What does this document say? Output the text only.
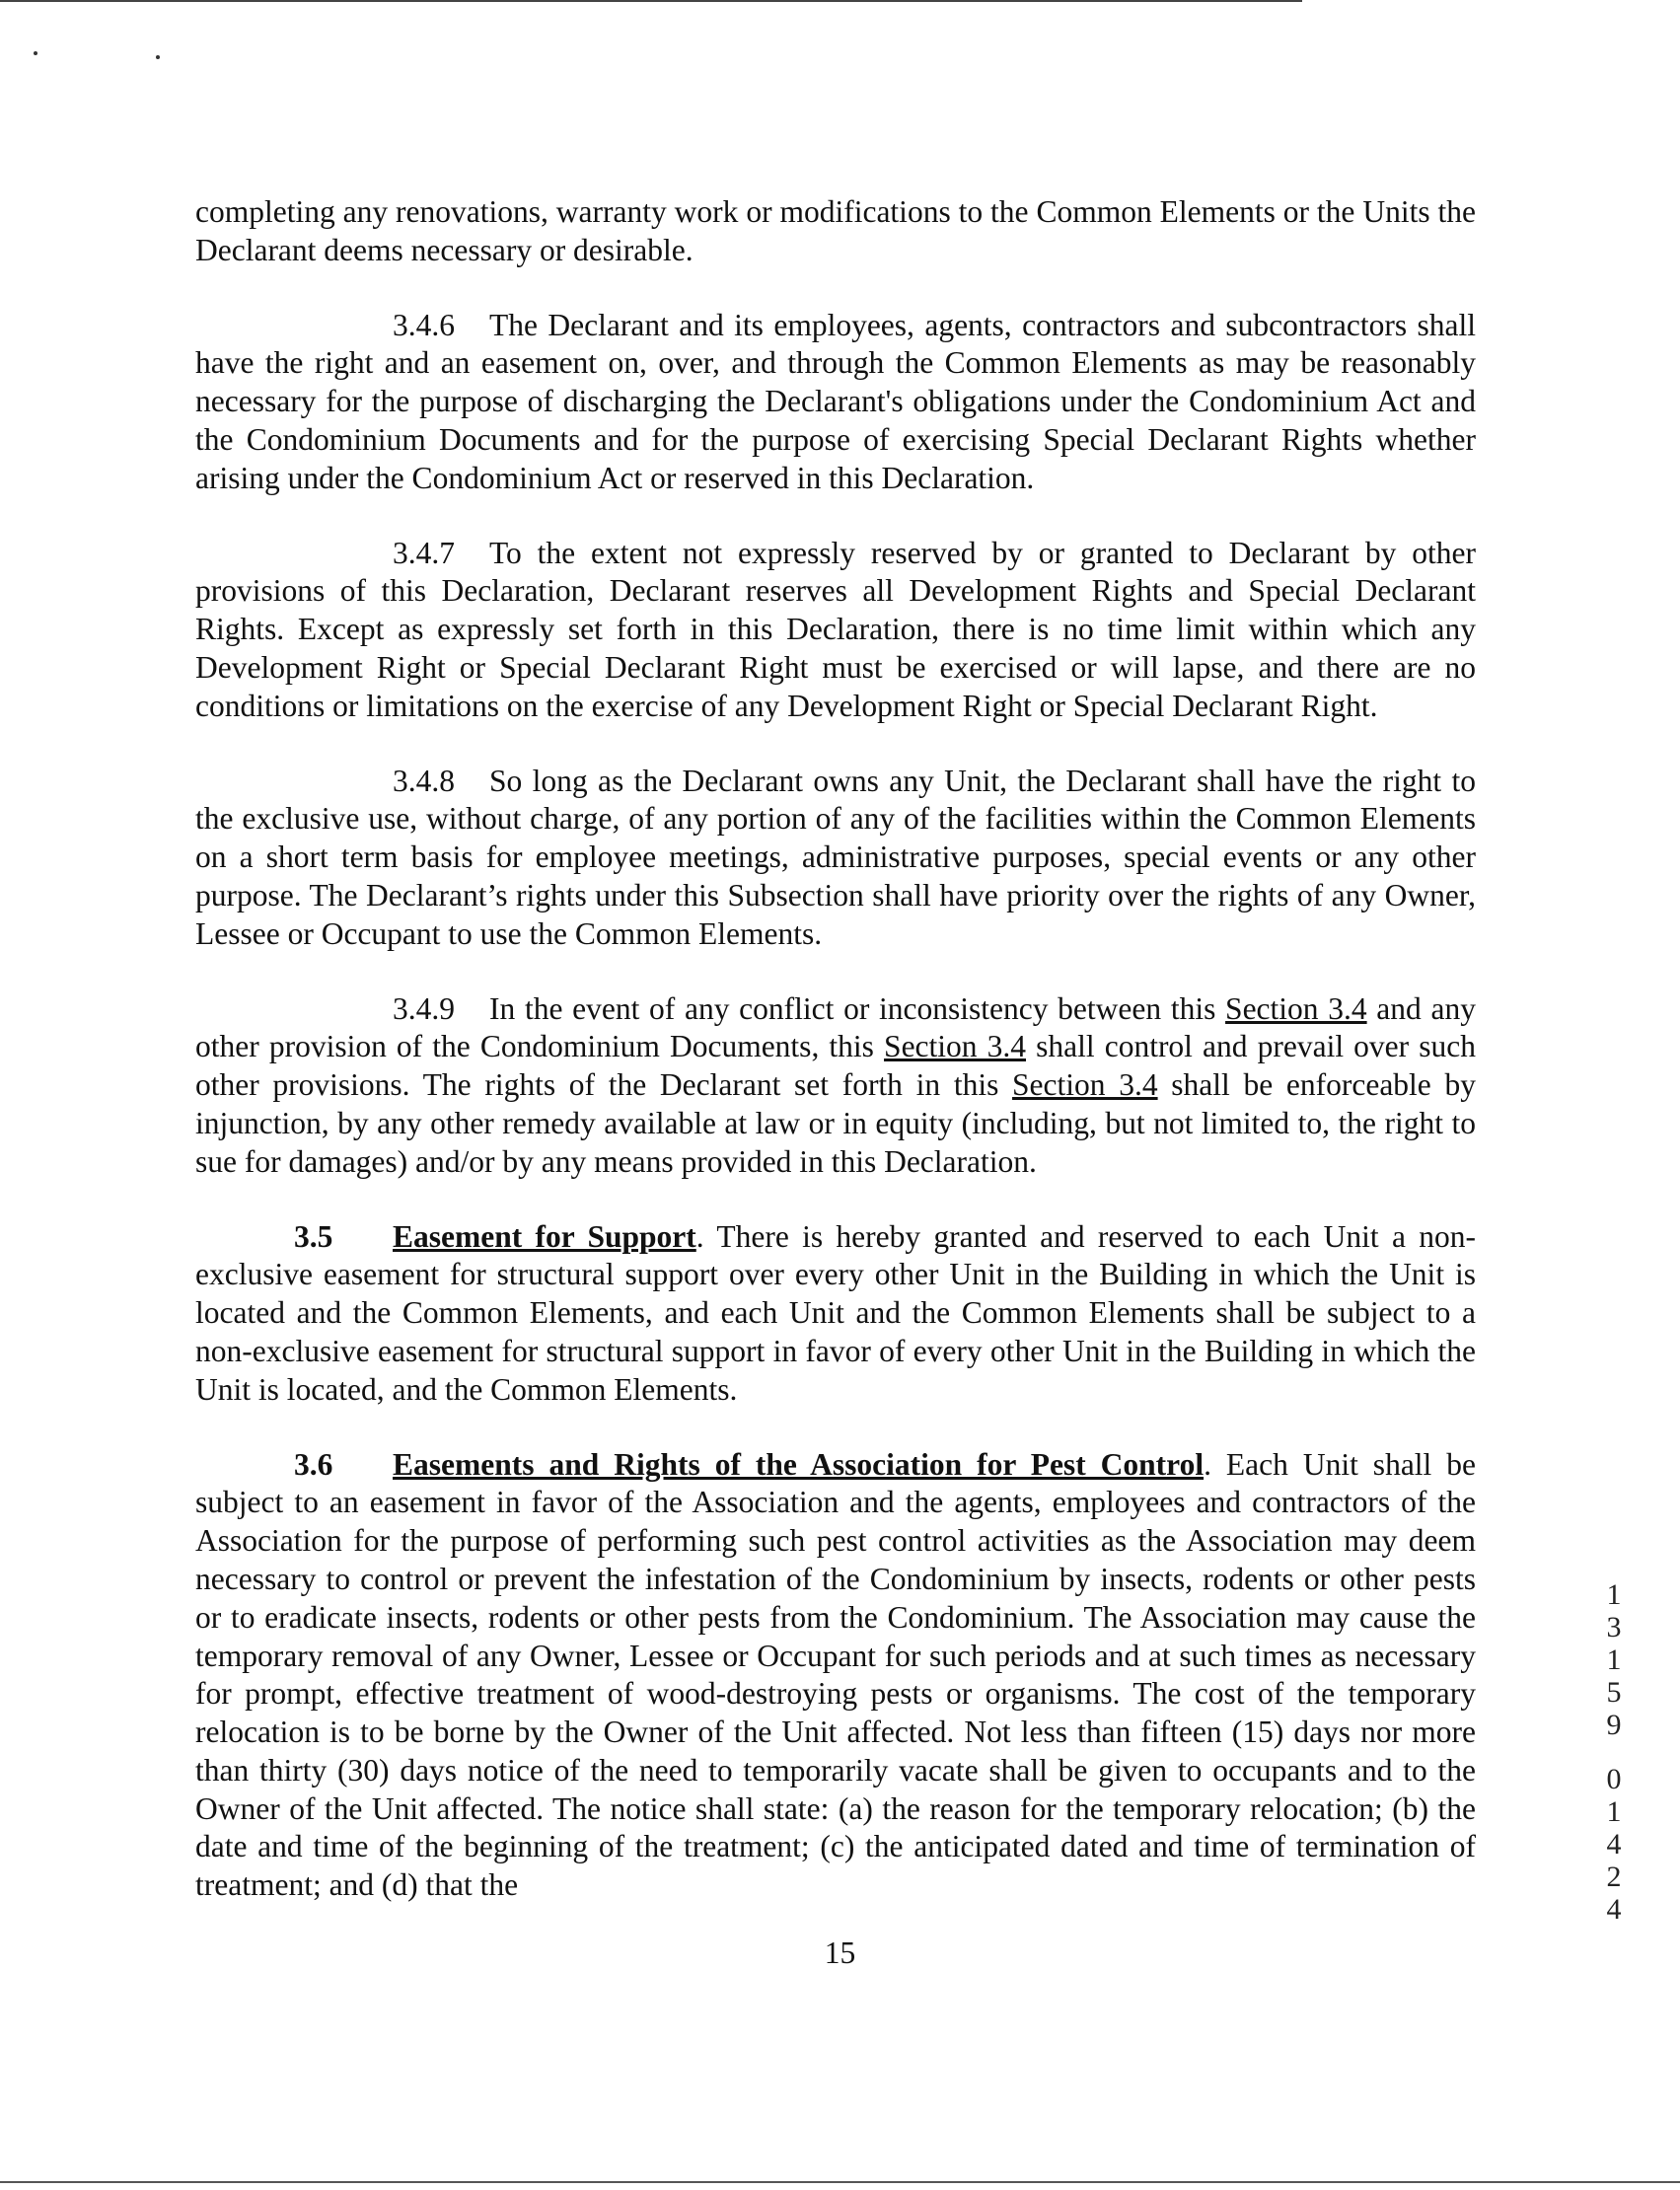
completing any renovations, warranty work or modifications to the Common Elements or the Units the Declarant deems necessary or desirable.

3.4.6 The Declarant and its employees, agents, contractors and subcontractors shall have the right and an easement on, over, and through the Common Elements as may be reasonably necessary for the purpose of discharging the Declarant's obligations under the Condominium Act and the Condominium Documents and for the purpose of exercising Special Declarant Rights whether arising under the Condominium Act or reserved in this Declaration.

3.4.7 To the extent not expressly reserved by or granted to Declarant by other provisions of this Declaration, Declarant reserves all Development Rights and Special Declarant Rights. Except as expressly set forth in this Declaration, there is no time limit within which any Development Right or Special Declarant Right must be exercised or will lapse, and there are no conditions or limitations on the exercise of any Development Right or Special Declarant Right.

3.4.8 So long as the Declarant owns any Unit, the Declarant shall have the right to the exclusive use, without charge, of any portion of any of the facilities within the Common Elements on a short term basis for employee meetings, administrative purposes, special events or any other purpose. The Declarant’s rights under this Subsection shall have priority over the rights of any Owner, Lessee or Occupant to use the Common Elements.

3.4.9 In the event of any conflict or inconsistency between this Section 3.4 and any other provision of the Condominium Documents, this Section 3.4 shall control and prevail over such other provisions. The rights of the Declarant set forth in this Section 3.4 shall be enforceable by injunction, by any other remedy available at law or in equity (including, but not limited to, the right to sue for damages) and/or by any means provided in this Declaration.

3.5 Easement for Support. There is hereby granted and reserved to each Unit a non-exclusive easement for structural support over every other Unit in the Building in which the Unit is located and the Common Elements, and each Unit and the Common Elements shall be subject to a non-exclusive easement for structural support in favor of every other Unit in the Building in which the Unit is located, and the Common Elements.

3.6 Easements and Rights of the Association for Pest Control. Each Unit shall be subject to an easement in favor of the Association and the agents, employees and contractors of the Association for the purpose of performing such pest control activities as the Association may deem necessary to control or prevent the infestation of the Condominium by insects, rodents or other pests or to eradicate insects, rodents or other pests from the Condominium. The Association may cause the temporary removal of any Owner, Lessee or Occupant for such periods and at such times as necessary for prompt, effective treatment of wood-destroying pests or organisms. The cost of the temporary relocation is to be borne by the Owner of the Unit affected. Not less than fifteen (15) days nor more than thirty (30) days notice of the need to temporarily vacate shall be given to occupants and to the Owner of the Unit affected. The notice shall state: (a) the reason for the temporary relocation; (b) the date and time of the beginning of the treatment; (c) the anticipated dated and time of termination of treatment; and (d) that the

15
1
3
1
5
9
0
1
4
2
4
